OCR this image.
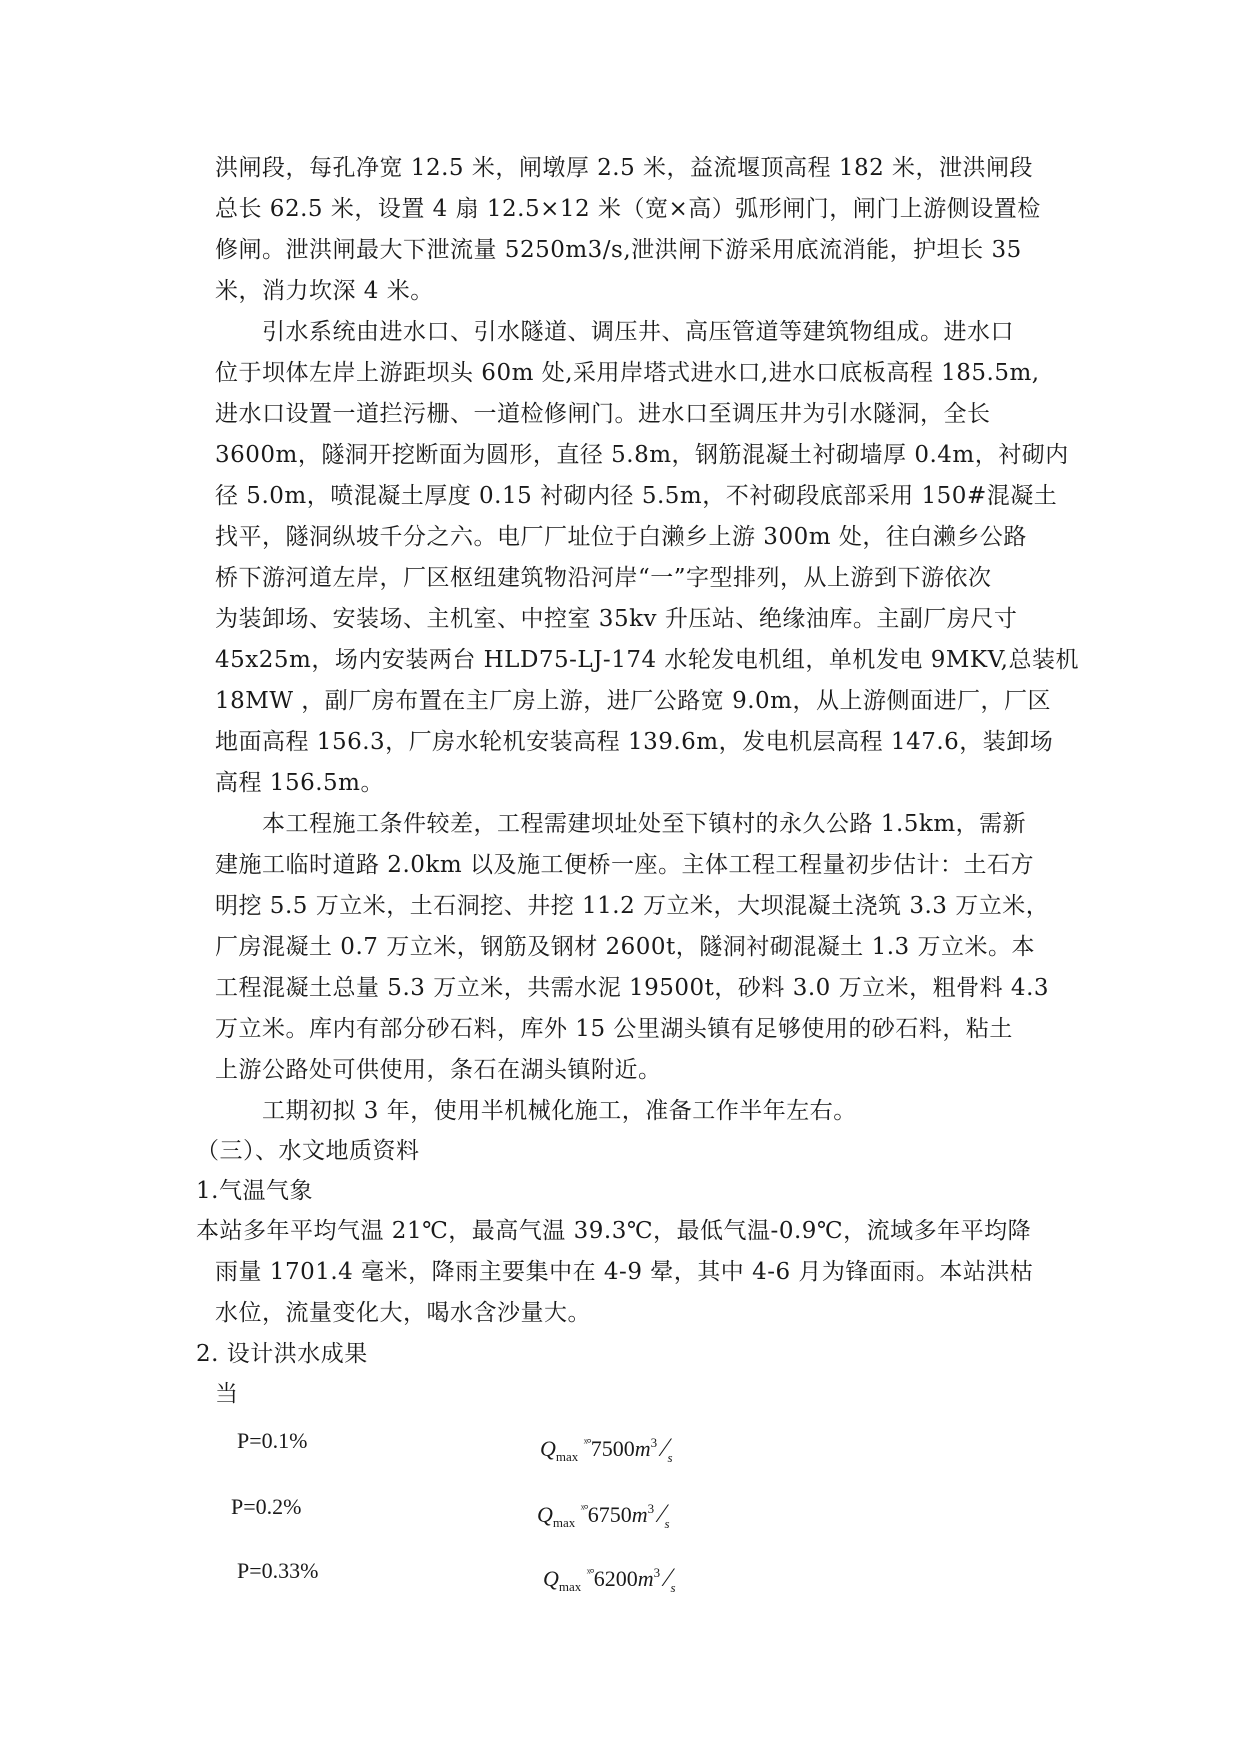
洪闸段，每孔净宽 12.5 米，闸墩厚 2.5 米，益流堰顶高程 182 米，泄洪闸段
总长 62.5 米，设置 4 扇 12.5×12 米（宽×高）弧形闸门，闸门上游侧设置检
修闸。泄洪闸最大下泄流量 5250m3/s,泄洪闸下游采用底流消能，护坦长 35
米，消力坎深 4 米。
引水系统由进水口、引水隧道、调压井、高压管道等建筑物组成。进水口
位于坝体左岸上游距坝头 60m 处,采用岸塔式进水口,进水口底板高程 185.5m,
进水口设置一道拦污栅、一道检修闸门。进水口至调压井为引水隧洞，全长
3600m，隧洞开挖断面为圆形，直径 5.8m，钢筋混凝土衬砌墙厚 0.4m，衬砌内
径 5.0m，喷混凝土厚度 0.15 衬砌内径 5.5m，不衬砌段底部采用 150#混凝土
找平，隧洞纵坡千分之六。电厂厂址位于白濑乡上游 300m 处，往白濑乡公路
桥下游河道左岸，厂区枢纽建筑物沿河岸“一”字型排列，从上游到下游依次
为装卸场、安装场、主机室、中控室 35kv 升压站、绝缘油库。主副厂房尺寸
45x25m，场内安装两台 HLD75-LJ-174 水轮发电机组，单机发电 9MKV,总装机
18MW ，副厂房布置在主厂房上游，进厂公路宽 9.0m，从上游侧面进厂，厂区
地面高程 156.3，厂房水轮机安装高程 139.6m，发电机层高程 147.6，装卸场
高程 156.5m。
本工程施工条件较差，工程需建坝址处至下镇村的永久公路 1.5km，需新
建施工临时道路 2.0km 以及施工便桥一座。主体工程工程量初步估计：土石方
明挖 5.5 万立米，土石洞挖、井挖 11.2 万立米，大坝混凝土浇筑 3.3 万立米，
厂房混凝土 0.7 万立米，钢筋及钢材 2600t，隧洞衬砌混凝土 1.3 万立米。本
工程混凝土总量 5.3 万立米，共需水泥 19500t，砂料 3.0 万立米，粗骨料 4.3
万立米。库内有部分砂石料，库外 15 公里湖头镇有足够使用的砂石料，粘土
上游公路处可供使用，条石在湖头镇附近。
工期初拟 3 年，使用半机械化施工，准备工作半年左右。
（三）、水文地质资料
1.气温气象
本站多年平均气温 21℃，最高气温 39.3℃，最低气温-0.9℃，流域多年平均降
雨量 1701.4 毫米，降雨主要集中在 4-9 晕，其中 4-6 月为锋面雨。本站洪枯
水位，流量变化大，喝水含沙量大。
2. 设计洪水成果
当
P=0.1%	$Q_{max}$ $^{ˣ^\circ}7500m^3$ $⁄_s$
P=0.2%	$Q_{max}$ $^{ˣ^\circ}6750m^3$ $⁄_s$
P=0.33%	$Q_{max}$ $^{ˣ^\circ}6200m^3$ $⁄_s$
